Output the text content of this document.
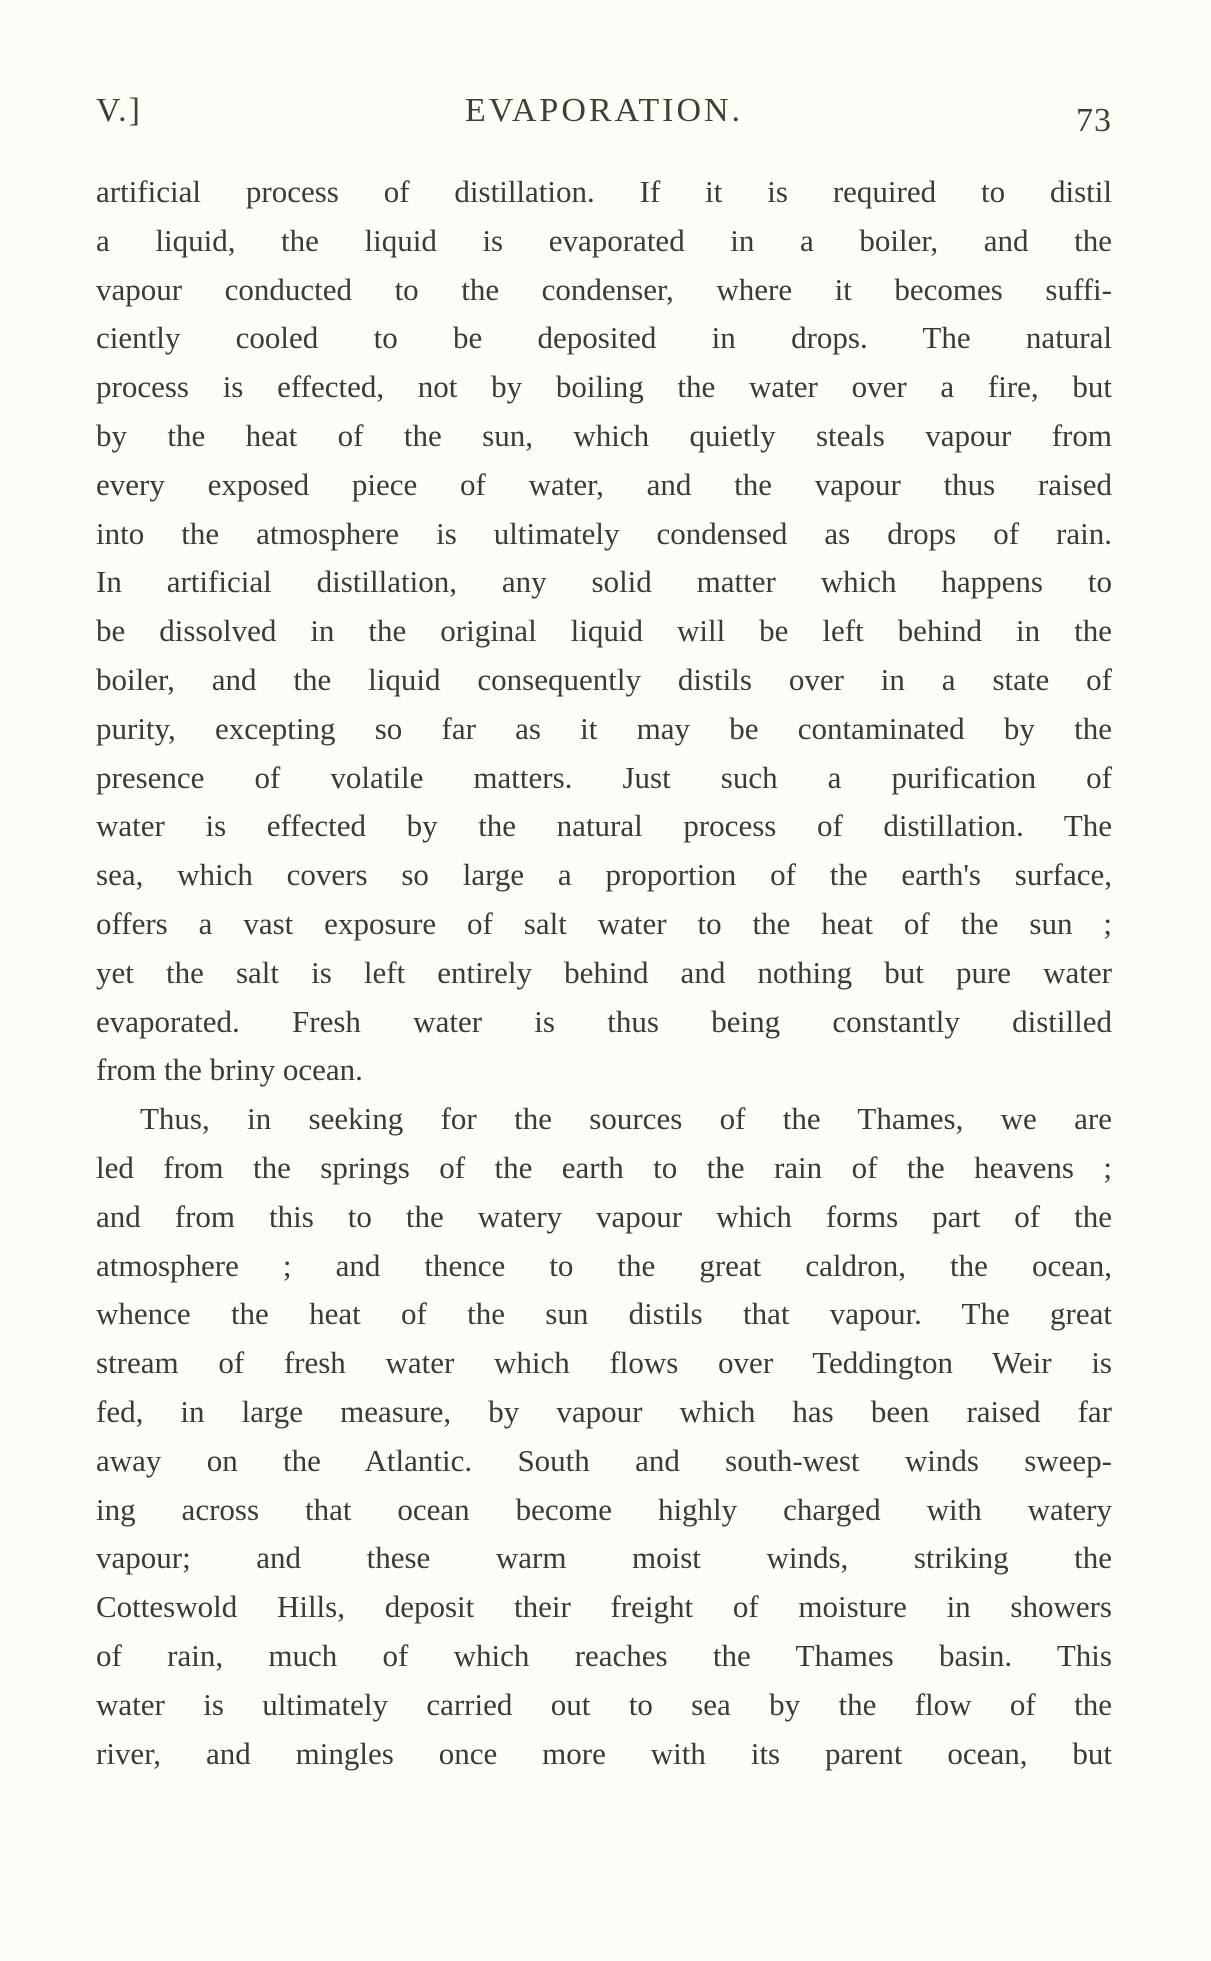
V.]	EVAPORATION.	73
artificial process of distillation. If it is required to distil
a liquid, the liquid is evaporated in a boiler, and the
vapour conducted to the condenser, where it becomes suffi-
ciently cooled to be deposited in drops. The natural
process is effected, not by boiling the water over a fire, but
by the heat of the sun, which quietly steals vapour from
every exposed piece of water, and the vapour thus raised
into the atmosphere is ultimately condensed as drops of rain.
In artificial distillation, any solid matter which happens to
be dissolved in the original liquid will be left behind in the
boiler, and the liquid consequently distils over in a state of
purity, excepting so far as it may be contaminated by the
presence of volatile matters. Just such a purification of
water is effected by the natural process of distillation. The
sea, which covers so large a proportion of the earth's surface,
offers a vast exposure of salt water to the heat of the sun ;
yet the salt is left entirely behind and nothing but pure water
evaporated. Fresh water is thus being constantly distilled
from the briny ocean.
Thus, in seeking for the sources of the Thames, we are
led from the springs of the earth to the rain of the heavens ;
and from this to the watery vapour which forms part of the
atmosphere ; and thence to the great caldron, the ocean,
whence the heat of the sun distils that vapour. The great
stream of fresh water which flows over Teddington Weir is
fed, in large measure, by vapour which has been raised far
away on the Atlantic. South and south-west winds sweep-
ing across that ocean become highly charged with watery
vapour; and these warm moist winds, striking the
Cotteswold Hills, deposit their freight of moisture in showers
of rain, much of which reaches the Thames basin. This
water is ultimately carried out to sea by the flow of the
river, and mingles once more with its parent ocean, but
